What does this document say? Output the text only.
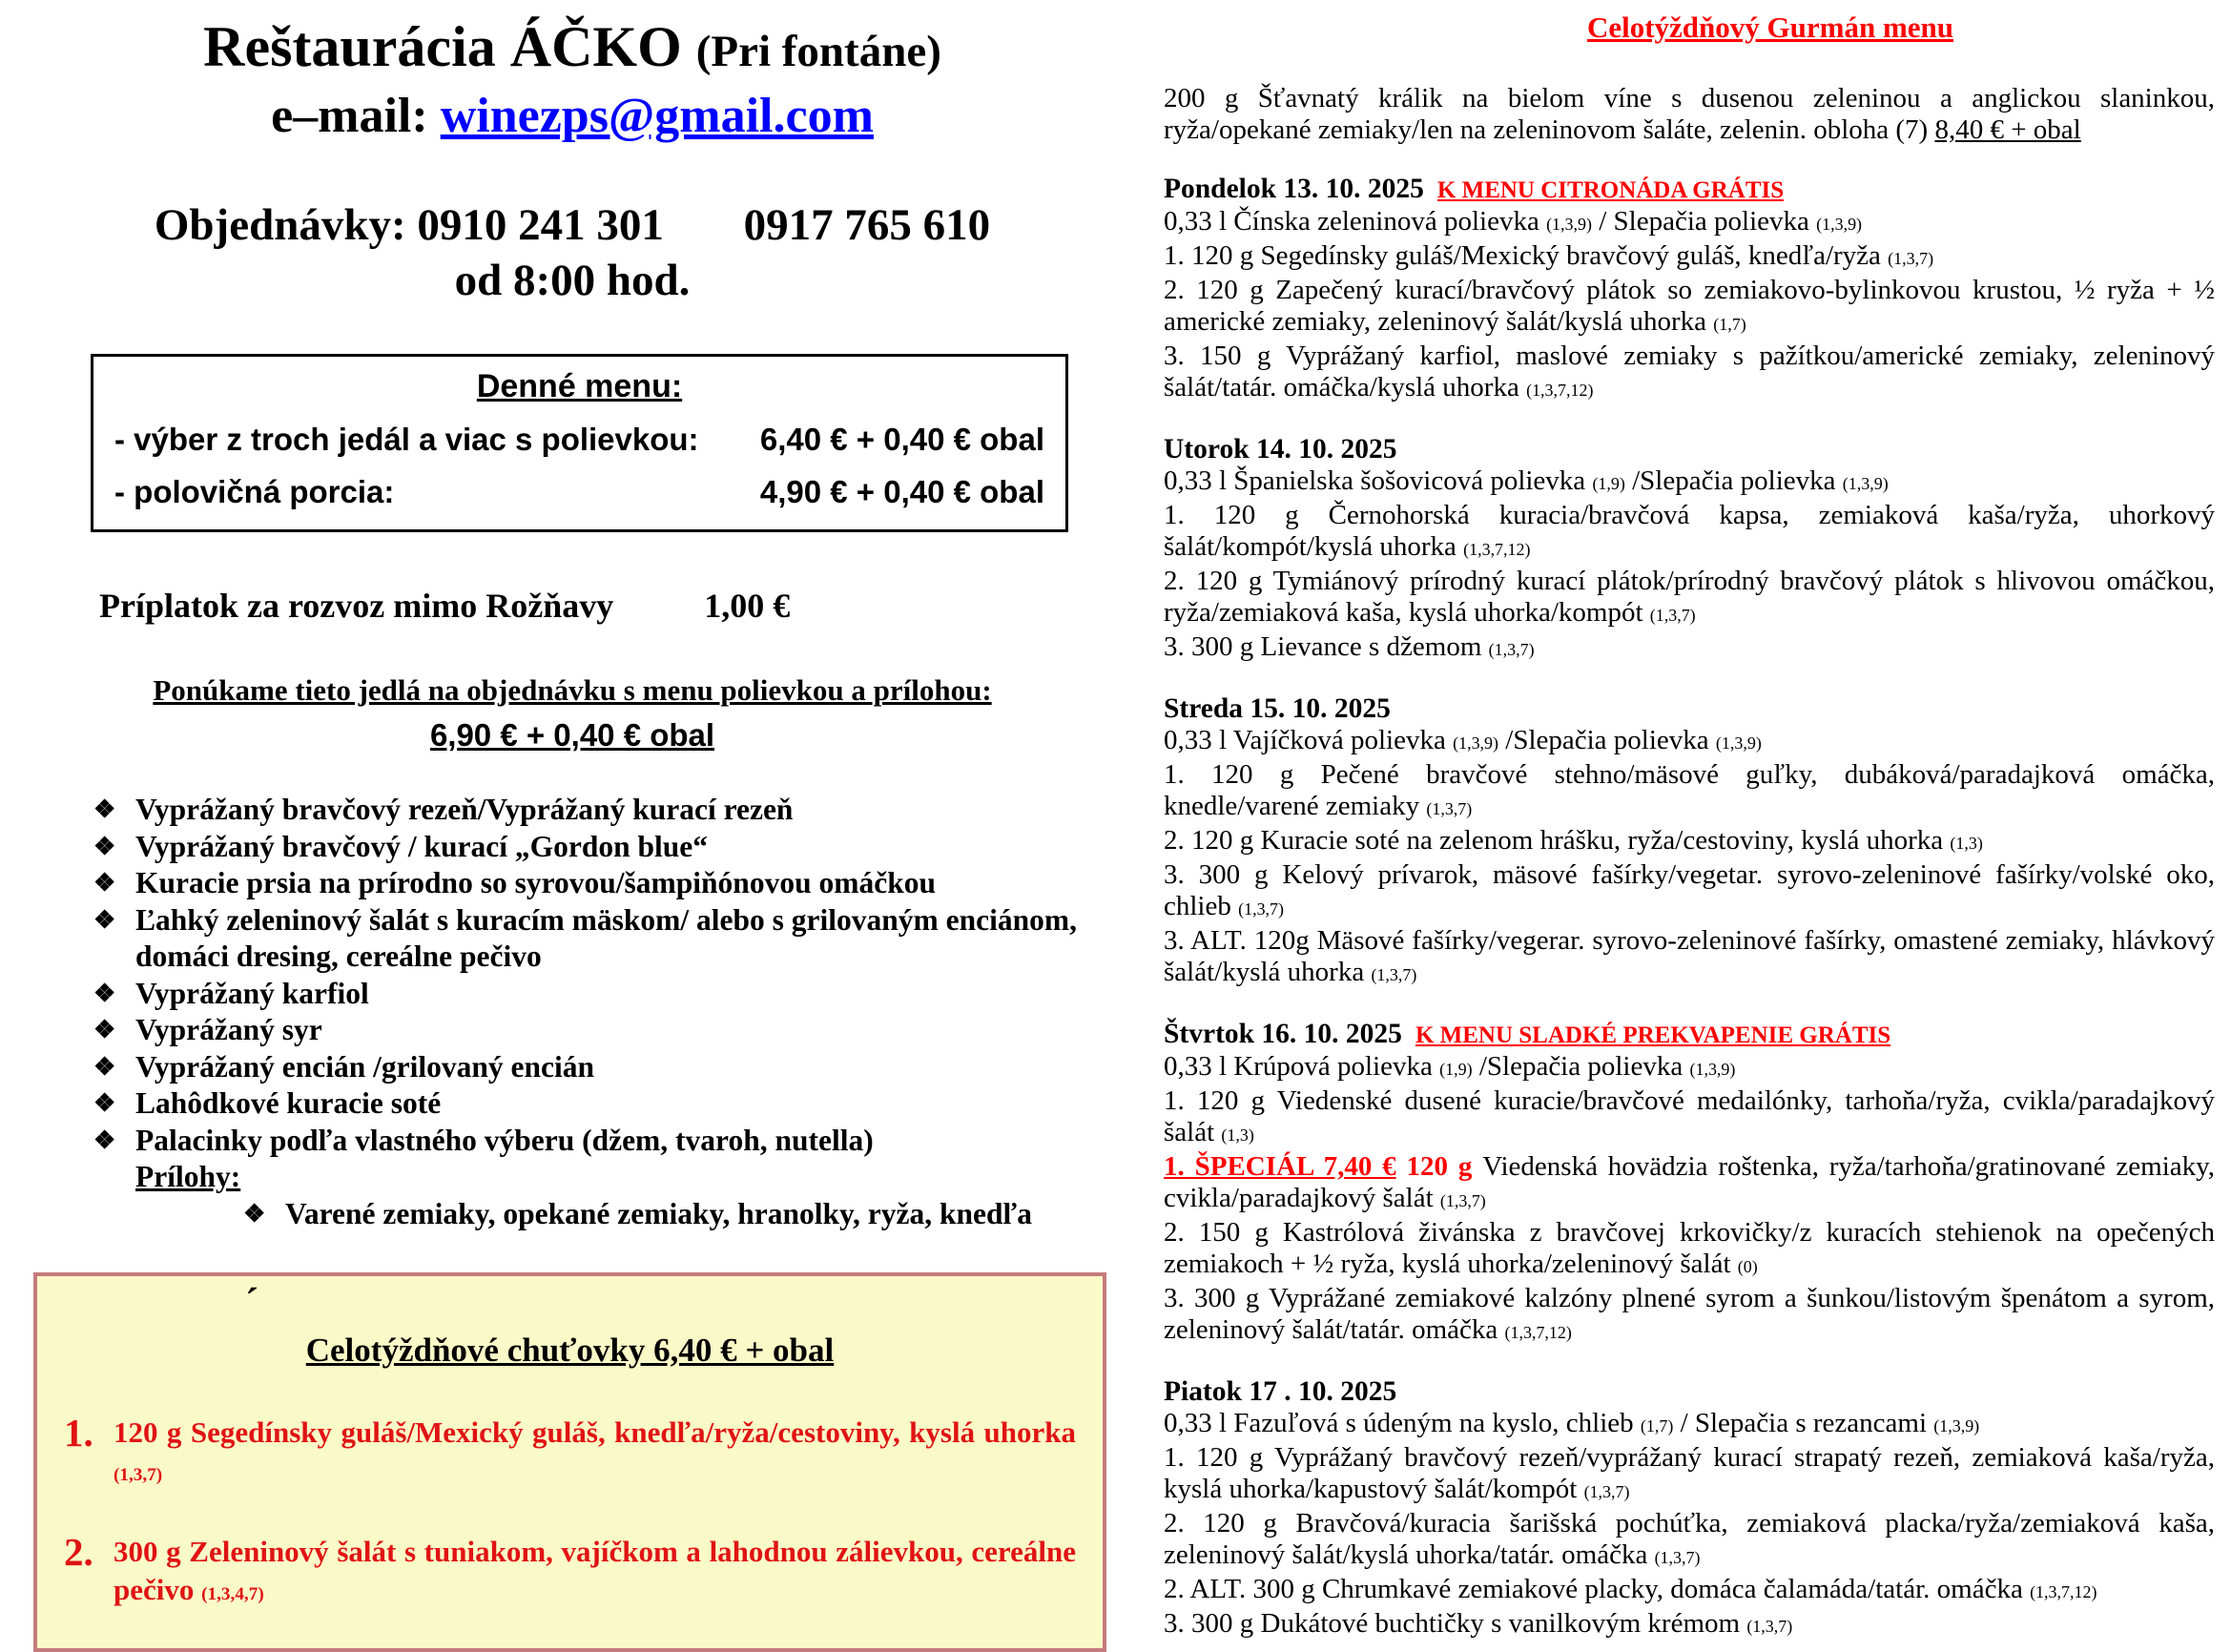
Reštaurácia ÁČKO (Pri fontáne)
e–mail: winezps@gmail.com
Objednávky: 0910 241 301 0917 765 610
od 8:00 hod.
Denné menu:
- výber z troch jedál a viac s polievkou: 6,40 € + 0,40 € obal
- polovičná porcia:	4,90 € + 0,40 € obal
Príplatok za rozvoz mimo Rožňavy	1,00 €
Ponúkame tieto jedlá na objednávku s menu polievkou a prílohou:
6,90 € + 0,40 € obal
❖ Vyprážaný bravčový rezeň/Vyprážaný kurací rezeň
❖ Vyprážaný bravčový / kurací „Gordon blue“
❖ Kuracie prsia na prírodno so syrovou/šampiňónovou omáčkou
❖ Ľahký zeleninový šalát s kuracím mäskom/ alebo s grilovaným enciánom, domáci dresing, cereálne pečivo
❖ Vyprážaný karfiol
❖ Vyprážaný syr
❖ Vyprážaný encián /grilovaný encián
❖ Lahôdkové kuracie soté
❖ Palacinky podľa vlastného výberu (džem, tvaroh, nutella)
Prílohy:
❖ Varené zemiaky, opekané zemiaky, hranolky, ryža, knedľa
´
Celotýždňové chuťovky 6,40 € + obal
1. 120 g Segedínsky guláš/Mexický guláš, knedľa/ryža/cestoviny, kyslá uhorka (1,3,7)
2. 300 g Zeleninový šalát s tuniakom, vajíčkom a lahodnou zálievkou, cereálne pečivo (1,3,4,7)
Celotýždňový Gurmán menu

200 g Šťavnatý králik na bielom víne s dusenou zeleninou a anglickou slaninkou, ryža/opekané zemiaky/len na zeleninovom šaláte, zelenin. obloha (7) 8,40 € + obal

Pondelok 13. 10. 2025 K MENU CITRONÁDA GRÁTIS

0,33 l Čínska zeleninová polievka (1,3,9) / Slepačia polievka (1,3,9)

1. 120 g Segedínsky guláš/Mexický bravčový guláš, knedľa/ryža (1,3,7)

2. 120 g Zapečený kurací/bravčový plátok so zemiakovo-bylinkovou krustou, ½ ryža + ½ americké zemiaky, zeleninový šalát/kyslá uhorka (1,7)

3. 150 g Vyprážaný karfiol, maslové zemiaky s pažítkou/americké zemiaky, zeleninový šalát/tatár. omáčka/kyslá uhorka (1,3,7,12)

Utorok 14. 10. 2025

0,33 l Španielska šošovicová polievka (1,9) /Slepačia polievka (1,3,9)

1. 120 g Černohorská kuracia/bravčová kapsa, zemiaková kaša/ryža, uhorkový šalát/kompót/kyslá uhorka (1,3,7,12)

2. 120 g Tymiánový prírodný kurací plátok/prírodný bravčový plátok s hlivovou omáčkou, ryža/zemiaková kaša, kyslá uhorka/kompót (1,3,7)

3. 300 g Lievance s džemom (1,3,7)

Streda 15. 10. 2025

0,33 l Vajíčková polievka (1,3,9) /Slepačia polievka (1,3,9)

1. 120 g Pečené bravčové stehno/mäsové guľky, dubáková/paradajková omáčka, knedle/varené zemiaky (1,3,7)

2. 120 g Kuracie soté na zelenom hrášku, ryža/cestoviny, kyslá uhorka (1,3)

3. 300 g Kelový prívarok, mäsové fašírky/vegetar. syrovo-zeleninové fašírky/volské oko, chlieb (1,3,7)

3. ALT. 120g Mäsové fašírky/vegerar. syrovo-zeleninové fašírky, omastené zemiaky, hlávkový šalát/kyslá uhorka (1,3,7)

Štvrtok 16. 10. 2025 K MENU SLADKÉ PREKVAPENIE GRÁTIS

0,33 l Krúpová polievka (1,9) /Slepačia polievka (1,3,9)

1. 120 g Viedenské dusené kuracie/bravčové medailónky, tarhoňa/ryža, cvikla/paradajkový šalát (1,3)

1. ŠPECIÁL 7,40 € 120 g Viedenská hovädzia roštenka, ryža/tarhoňa/gratinované zemiaky, cvikla/paradajkový šalát (1,3,7)

2. 150 g Kastrólová živánska z bravčovej krkovičky/z kuracích stehienok na opečených zemiakoch + ½ ryža, kyslá uhorka/zeleninový šalát (0)

3. 300 g Vyprážané zemiakové kalzóny plnené syrom a šunkou/listovým špenátom a syrom, zeleninový šalát/tatár. omáčka (1,3,7,12)

Piatok 17 . 10. 2025

0,33 l Fazuľová s údeným na kyslo, chlieb (1,7) / Slepačia s rezancami (1,3,9)

1. 120 g Vyprážaný bravčový rezeň/vyprážaný kurací strapatý rezeň, zemiaková kaša/ryža, kyslá uhorka/kapustový šalát/kompót (1,3,7)

2. 120 g Bravčová/kuracia šarišská pochúťka, zemiaková placka/ryža/zemiaková kaša, zeleninový šalát/kyslá uhorka/tatár. omáčka (1,3,7)

2. ALT. 300 g Chrumkavé zemiakové placky, domáca čalamáda/tatár. omáčka (1,3,7,12)

3. 300 g Dukátové buchtičky s vanilkovým krémom (1,3,7)
